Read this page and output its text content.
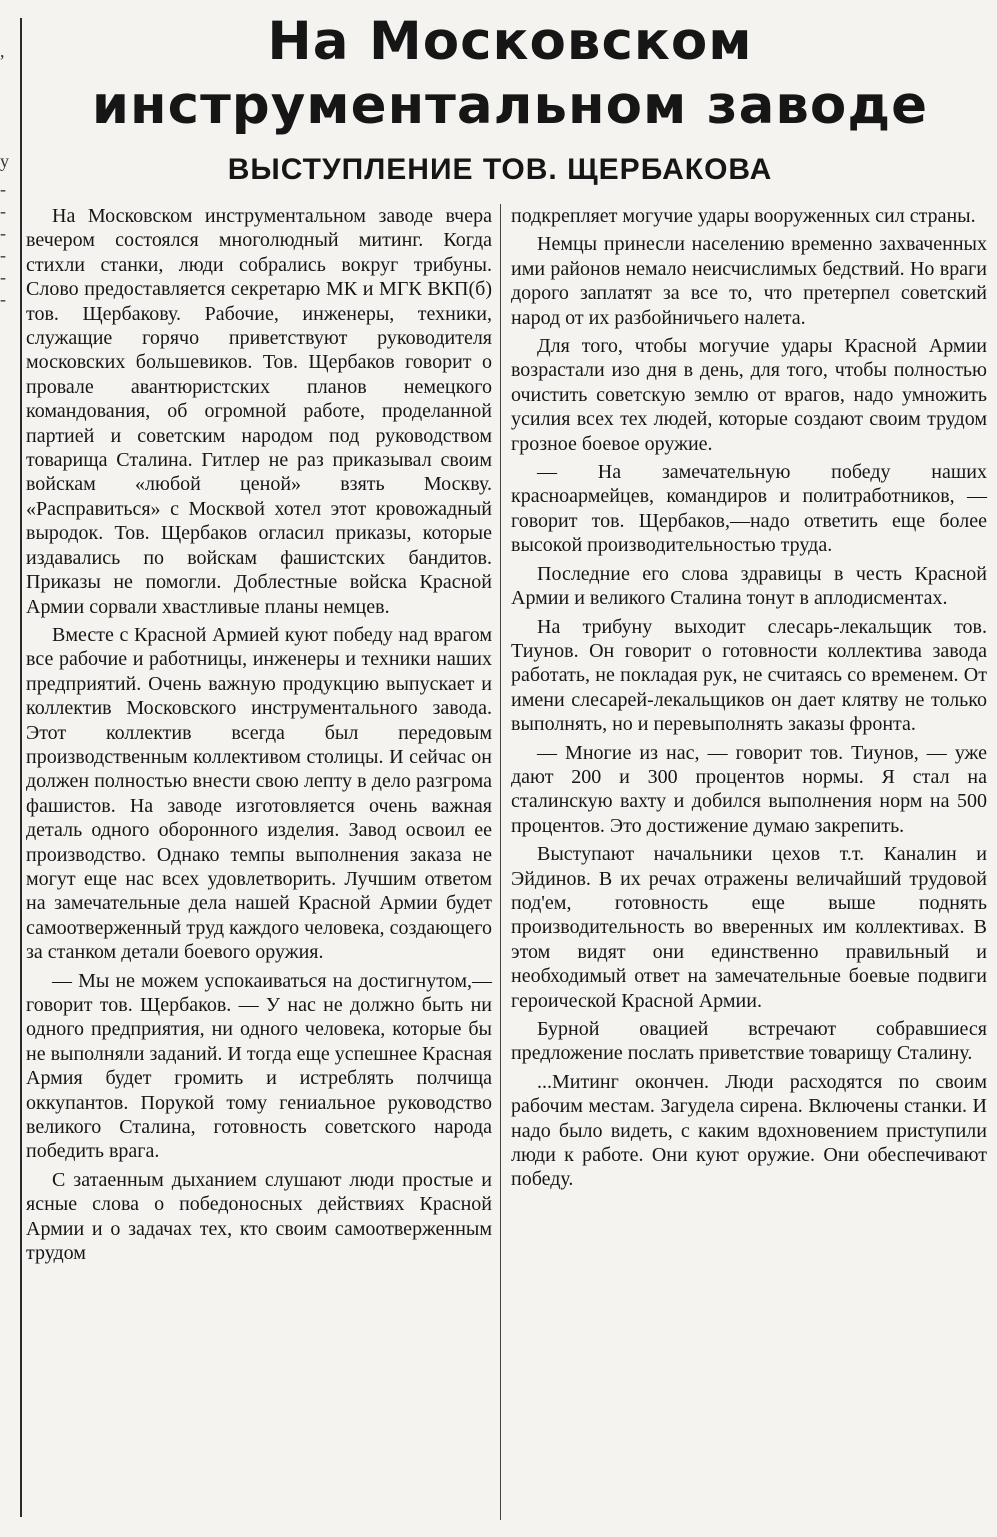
,
у
-
-
-
-
-
-
На Московском инструментальном заводе
ВЫСТУПЛЕНИЕ ТОВ. ЩЕРБАКОВА

На Московском инструментальном заводе вчера вечером состоялся многолюдный митинг. Когда стихли станки, люди собрались вокруг трибуны. Слово предоставляется секретарю МК и МГК ВКП(б) тов. Щербакову. Рабочие, инженеры, техники, служащие горячо приветствуют руководителя московских большевиков. Тов. Щербаков говорит о провале авантюристских планов немецкого командования, об огромной работе, проделанной партией и советским народом под руководством товарища Сталина. Гитлер не раз приказывал своим войскам «любой ценой» взять Москву. «Расправиться» с Москвой хотел этот кровожадный выродок. Тов. Щербаков огласил приказы, которые издавались по войскам фашистских бандитов. Приказы не помогли. Доблестные войска Красной Армии сорвали хвастливые планы немцев.

Вместе с Красной Армией куют победу над врагом все рабочие и работницы, инженеры и техники наших предприятий. Очень важную продукцию выпускает и коллектив Московского инструментального завода. Этот коллектив всегда был передовым производственным коллективом столицы. И сейчас он должен полностью внести свою лепту в дело разгрома фашистов. На заводе изготовляется очень важная деталь одного оборонного изделия. Завод освоил ее производство. Однако темпы выполнения заказа не могут еще нас всех удовлетворить. Лучшим ответом на замечательные дела нашей Красной Армии будет самоотверженный труд каждого человека, создающего за станком детали боевого оружия.

— Мы не можем успокаиваться на достигнутом,—говорит тов. Щербаков. — У нас не должно быть ни одного предприятия, ни одного человека, которые бы не выполняли заданий. И тогда еще успешнее Красная Армия будет громить и истреблять полчища оккупантов. Порукой тому гениальное руководство великого Сталина, готовность советского народа победить врага.

С затаенным дыханием слушают люди простые и ясные слова о победоносных действиях Красной Армии и о задачах тех, кто своим самоотверженным трудом

подкрепляет могучие удары вооруженных сил страны.

Немцы принесли населению временно захваченных ими районов немало неисчислимых бедствий. Но враги дорого заплатят за все то, что претерпел советский народ от их разбойничьего налета.

Для того, чтобы могучие удары Красной Армии возрастали изо дня в день, для того, чтобы полностью очистить советскую землю от врагов, надо умножить усилия всех тех людей, которые создают своим трудом грозное боевое оружие.

— На замечательную победу наших красноармейцев, командиров и политработников, — говорит тов. Щербаков,—надо ответить еще более высокой производительностью труда.

Последние его слова здравицы в честь Красной Армии и великого Сталина тонут в аплодисментах.

На трибуну выходит слесарь-лекальщик тов. Тиунов. Он говорит о готовности коллектива завода работать, не покладая рук, не считаясь со временем. От имени слесарей-лекальщиков он дает клятву не только выполнять, но и перевыполнять заказы фронта.

— Многие из нас, — говорит тов. Тиунов, — уже дают 200 и 300 процентов нормы. Я стал на сталинскую вахту и добился выполнения норм на 500 процентов. Это достижение думаю закрепить.

Выступают начальники цехов т.т. Каналин и Эйдинов. В их речах отражены величайший трудовой под'ем, готовность еще выше поднять производительность во вверенных им коллективах. В этом видят они единственно правильный и необходимый ответ на замечательные боевые подвиги героической Красной Армии.

Бурной овацией встречают собравшиеся предложение послать приветствие товарищу Сталину.

...Митинг окончен. Люди расходятся по своим рабочим местам. Загудела сирена. Включены станки. И надо было видеть, с каким вдохновением приступили люди к работе. Они куют оружие. Они обеспечивают победу.
